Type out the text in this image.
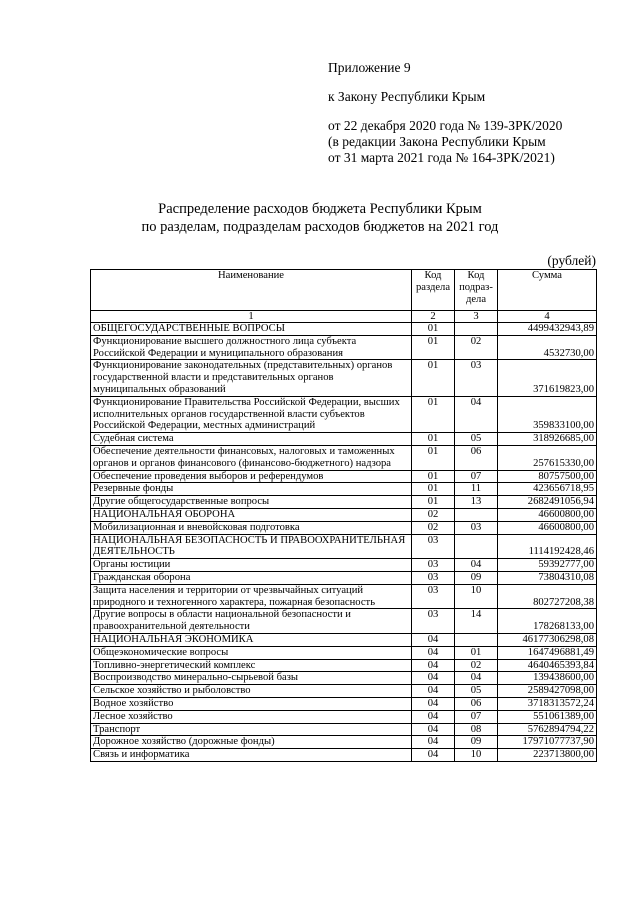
Приложение 9
к Закону Республики Крым
от 22 декабря 2020 года № 139-ЗРК/2020
(в редакции Закона Республики Крым
от 31 марта 2021 года № 164-ЗРК/2021)
Распределение расходов бюджета Республики Крым
по разделам, подразделам расходов бюджетов на 2021 год
(рублей)
Наименование	Код раздела	Код подраз-дела	Сумма
1	2	3	4
ОБЩЕГОСУДАРСТВЕННЫЕ ВОПРОСЫ	01		4499432943,89
Функционирование высшего должностного лица субъекта Российской Федерации и муниципального образования	01	02	4532730,00
Функционирование законодательных (представительных) органов государственной власти и представительных органов муниципальных образований	01	03	371619823,00
Функционирование Правительства Российской Федерации, высших исполнительных органов государственной власти субъектов Российской Федерации, местных администраций	01	04	359833100,00
Судебная система	01	05	318926685,00
Обеспечение деятельности финансовых, налоговых и таможенных органов и органов финансового (финансово-бюджетного) надзора	01	06	257615330,00
Обеспечение проведения выборов и референдумов	01	07	80757500,00
Резервные фонды	01	11	423656718,95
Другие общегосударственные вопросы	01	13	2682491056,94
НАЦИОНАЛЬНАЯ ОБОРОНА	02		46600800,00
Мобилизационная и вневойсковая подготовка	02	03	46600800,00
НАЦИОНАЛЬНАЯ БЕЗОПАСНОСТЬ И ПРАВООХРАНИТЕЛЬНАЯ ДЕЯТЕЛЬНОСТЬ	03		1114192428,46
Органы юстиции	03	04	59392777,00
Гражданская оборона	03	09	73804310,08
Защита населения и территории от чрезвычайных ситуаций природного и техногенного характера, пожарная безопасность	03	10	802727208,38
Другие вопросы в области национальной безопасности и правоохранительной деятельности	03	14	178268133,00
НАЦИОНАЛЬНАЯ ЭКОНОМИКА	04		46177306298,08
Общеэкономические вопросы	04	01	1647496881,49
Топливно-энергетический комплекс	04	02	4640465393,84
Воспроизводство минерально-сырьевой базы	04	04	139438600,00
Сельское хозяйство и рыболовство	04	05	2589427098,00
Водное хозяйство	04	06	3718313572,24
Лесное хозяйство	04	07	551061389,00
Транспорт	04	08	5762894794,22
Дорожное хозяйство (дорожные фонды)	04	09	17971077737,90
Связь и информатика	04	10	223713800,00
